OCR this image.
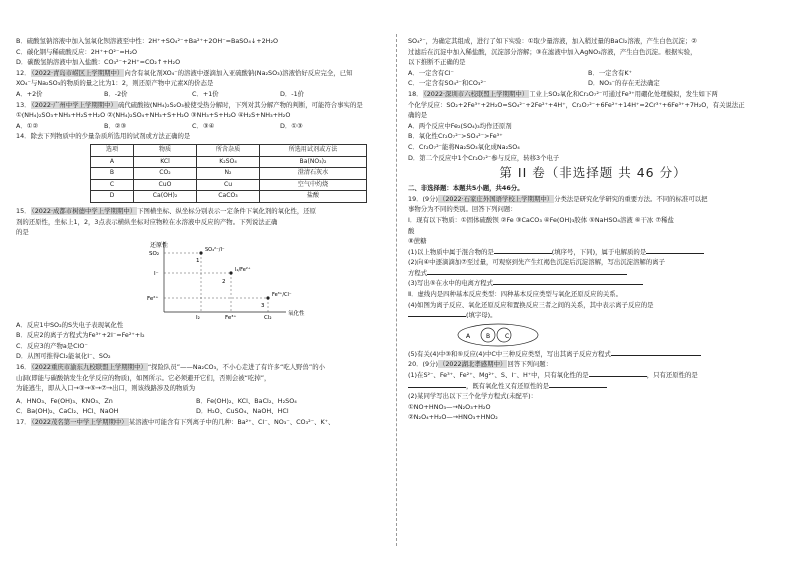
B．硫酸氢钠溶液中加入氢氧化钡溶液至中性：2H⁺+SO₄²⁻+Ba²⁺+2OH⁻=BaSO₄↓+2H₂O

C．碳化钢与稀硫酸反应：2H⁺+O²⁻=H₂O

D．碳酸氢钠溶液中加入盐酸：CO₃²⁻+2H⁺=CO₂↑+H₂O

12．（2022·青岛市崂区上学期期中）向含有氧化剂XO₄⁻的溶液中逐滴加入亚硫酸钠(Na₂SO₃)溶液恰好反应完全，已知

XO₄⁻与Na₂SO₃的物质的量之比为1：2，则还原产物中元素X的价态是

A．+2价	B．-2价	C．+1价	D．-1价

13．（2022·广州中学上学期期中）硫代硫酸铵(NH₄)₂S₂O₃被使受热分解时，下列对其分解产物的判断，可能符合事实的是

①(NH₄)₂SO₃+NH₃+H₂S+H₂O ②(NH₄)₂SO₄+NH₃+S+H₂O ③NH₃+S+H₂O ④H₂S+NH₃+H₂O

A．①②	B．②③	C．③④	D．①③

14．除去下列物质中的少量杂质所选用的试剂或方法正确的是

选项	物质	所含杂质	所选用试剂或方法
A	KCl	K₂SO₄	Ba(NO₃)₂
B	CO₂	N₂	澄清石灰水
C	CuO	Cu	空气中灼烧
D	Ca(OH)₂	CaCO₃	盐酸

15．（2022·成都市树德中学上学期期中）下图横坐标、纵坐标分别表示一定条件下氧化剂的氧化性，还原

剂的还原性，坐标上1，2，3点表示横纵坐标对应物粒在水溶液中反应的产物。下列说法正确

的是

还原性
氧化性
SO₂
I⁻
Fe²⁺
I₂	Fe³⁺	Cl₂
SO₄²⁻/I⁻
I₂/Fe²⁺
Fe³⁺/Cl⁻
1
2
3

A．反应1中SO₂的S失电子表现氧化性

B．反应2的离子方程式为Fe³⁺+2I⁻=Fe²⁺+I₂

C．反应3的产物a是ClO⁻

D．从图可推得Cl₂能氧化I⁻、SO₂

16．（2022重庆市渝东九校联盟上学期期中）“探险队员”——Na₂CO₃，不小心走进了有许多“吃人野兽”的小

山洞(即能与碳酸钠发生化学反应的物质)，如图所示。它必须避开它们，否则会被“吃掉”，

为能逃生，即从入口→③→⑤→⑦→出口，则该线路涉及的物质为

A．HNO₃、Fe(OH)₃、KNO₃、Zn	B．Fe(OH)₂、KCl、BaCl₂、H₂SO₄

C．Ba(OH)₂、CaCl₂、HCl、NaOH	D．H₂O、CuSO₄、NaOH、HCl

17．（2022茂名第一中学上学期期中）某溶液中可能含有下列离子中的几种：Ba²⁺、Cl⁻、NO₃⁻、CO₃²⁻、K⁺、

SO₄²⁻，为确定其组成，进行了如下实验：①取少量溶液，加入稍过量的BaCl₂溶液，产生白色沉淀；②

过滤后在沉淀中加入稀盐酸，沉淀部分溶解；③在滤液中加入AgNO₃溶液，产生白色沉淀。根据实验，

以下推断不正确的是

A．一定含有Cl⁻	B．一定含有K⁺

C．一定含有SO₄²⁻和CO₃²⁻	D．NO₃⁻的存在无法确定

18．（2022·深圳市六校联盟上学期期中）工业上SO₂氧化和Cr₂O₇²⁻可通过Fe³⁺用硼化处理模拟，发生如下两

个化学反应：SO₂+2Fe³⁺+2H₂O=SO₄²⁻+2Fe²⁺+4H⁺，Cr₂O₇²⁻+6Fe²⁺+14H⁺=2Cr³⁺+6Fe³⁺+7H₂O，有关说法正

确的是

A．两个反应中Fe₂(SO₄)₃均作还原剂

B．氧化性Cr₂O₇²⁻>SO₄²⁻>Fe³⁺

C．Cr₂O₇²⁻能将Na₂SO₃氧化成Na₂SO₄

D．第二个反应中1个Cr₂O₇²⁻参与反应，转移3个电子

第 II 卷（非选择题 共 46 分）

二、非选择题：本题共5小题，共46分。

19．(9分)（2022·石家庄外国语学校上学期期中）分类法是研究化学研究的重要方法。不同的标准可以把

事物分为不同的类别。回答下列问题：

Ⅰ．现有以下物质：①固体硫酸钡 ②Fe ③CaCO₃ ④Fe(OH)₃胶体 ⑤NaHSO₄溶液 ⑥干冰 ⑦稀盐

酸

⑧蔗糖

(1)以上物质中属于混合物的是	(填序号，下同)，属于电解质的是

(2)向④中逐滴滴加⑦至过量，可观察到先产生红褐色沉淀后沉淀溶解，写出沉淀溶解的离子

方程式

(3)写出⑤在水中的电离方程式

Ⅱ．虚线内是四种基本反应类型：四种基本反应类型与氧化还原反应的关系。

(4)如图为离子反应、氧化还原反应和置换反应三者之间的关系，其中表示离子反应的是

(填字母)。

A	B C

(5)有关(4)中③和⑤反应(4)中C中三种反应类型，写出其离子反应方程式

20．(9分)（2022湖北孝感期中）回答下列问题：

(1)在S²⁻、Fe³⁺、Fe²⁺、Mg²⁺、S、I⁻、H⁺中，只有氧化性的是	，只有还原性的是

，既有氧化性又有还原性的是

(2)某同学写出以下三个化学方程式(未配平)：

①NO+HNO₃—→N₂O₃+H₂O

②N₂O₄+H₂O—→HNO₃+HNO₂
